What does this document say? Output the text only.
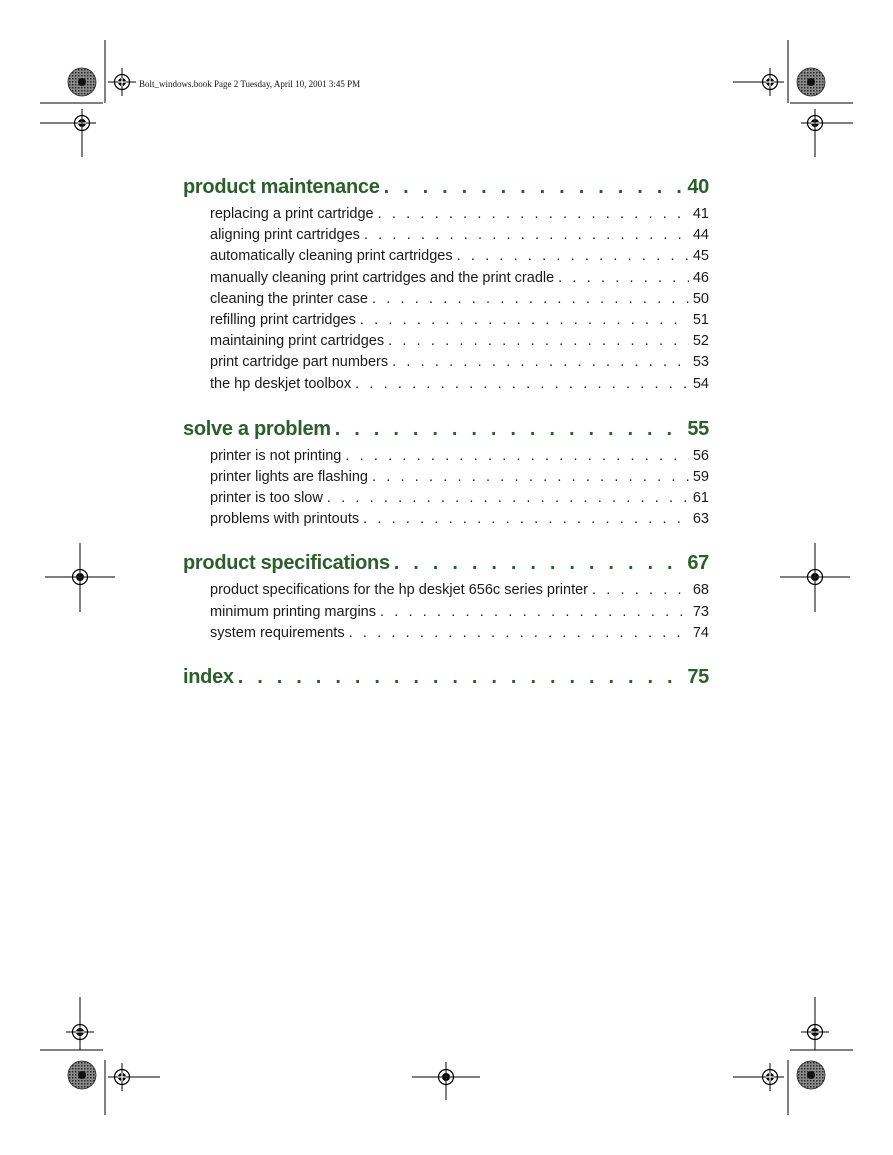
Bolt_windows.book Page 2 Tuesday, April 10, 2001 3:45 PM
product maintenance . . .	40
replacing a print cartridge . . .	41
aligning print cartridges . . .	44
automatically cleaning print cartridges . . .	45
manually cleaning print cartridges and the print cradle . . .	46
cleaning the printer case . . .	50
refilling print cartridges . . .	51
maintaining print cartridges . . .	52
print cartridge part numbers . . .	53
the hp deskjet toolbox . . .	54
solve a problem . . .	55
printer is not printing . . .	56
printer lights are flashing . . .	59
printer is too slow . . .	61
problems with printouts . . .	63
product specifications . . .	67
product specifications for the hp deskjet 656c series printer . . .	68
minimum printing margins . . .	73
system requirements . . .	74
index . . .	75
